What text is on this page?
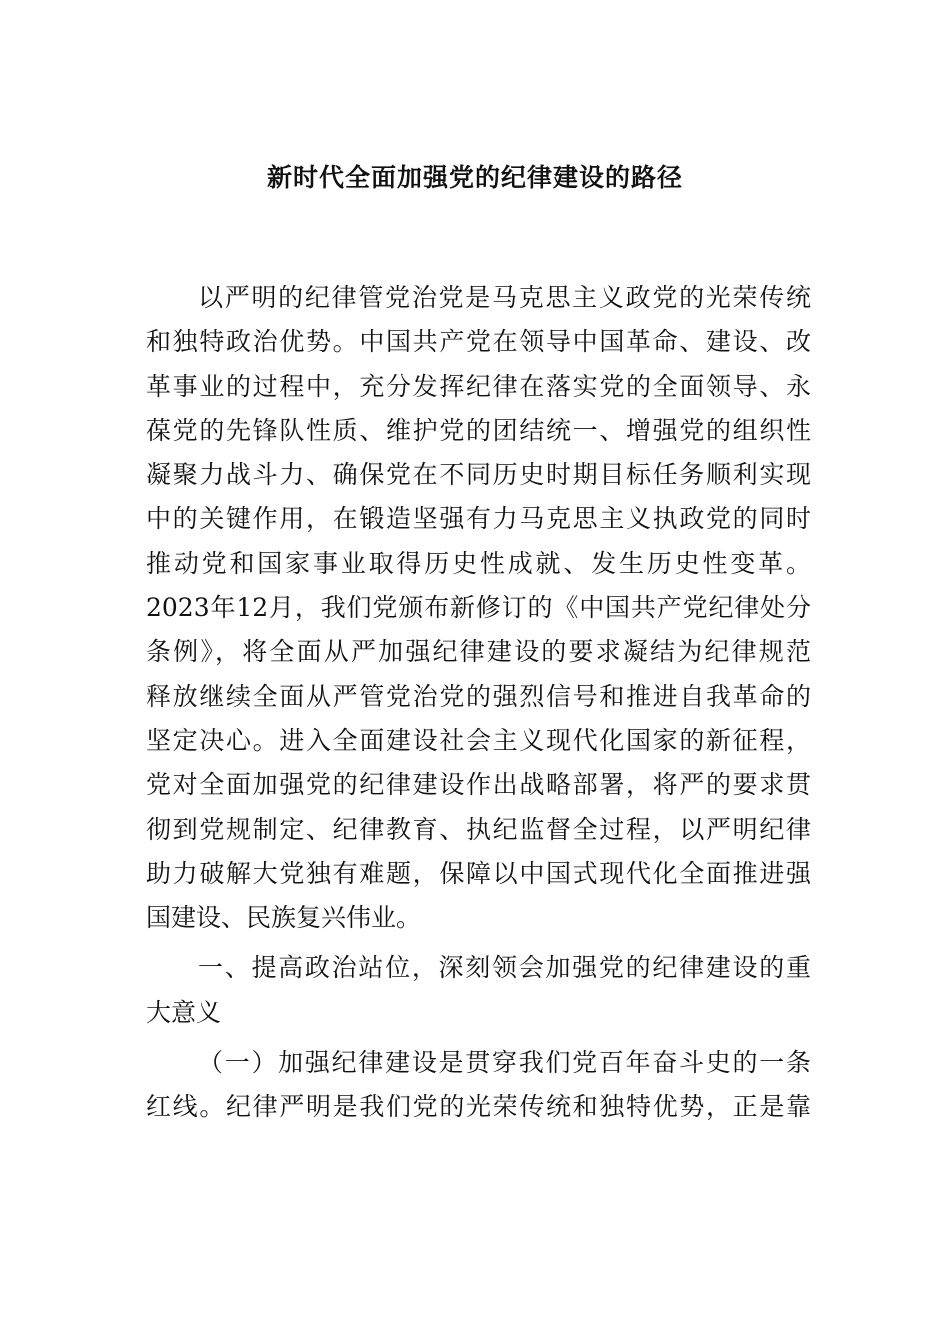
新时代全面加强党的纪律建设的路径
以严明的纪律管党治党是马克思主义政党的光荣传统
和独特政治优势。中国共产党在领导中国革命、建设、改
革事业的过程中，充分发挥纪律在落实党的全面领导、永
葆党的先锋队性质、维护党的团结统一、增强党的组织性
凝聚力战斗力、确保党在不同历史时期目标任务顺利实现
中的关键作用，在锻造坚强有力马克思主义执政党的同时
推动党和国家事业取得历史性成就、发生历史性变革。
2023年12月，我们党颁布新修订的《中国共产党纪律处分
条例》，将全面从严加强纪律建设的要求凝结为纪律规范
释放继续全面从严管党治党的强烈信号和推进自我革命的
坚定决心。进入全面建设社会主义现代化国家的新征程，
党对全面加强党的纪律建设作出战略部署，将严的要求贯
彻到党规制定、纪律教育、执纪监督全过程，以严明纪律
助力破解大党独有难题，保障以中国式现代化全面推进强
国建设、民族复兴伟业。
一、提高政治站位，深刻领会加强党的纪律建设的重
大意义
（一）加强纪律建设是贯穿我们党百年奋斗史的一条
红线。纪律严明是我们党的光荣传统和独特优势，正是靠
